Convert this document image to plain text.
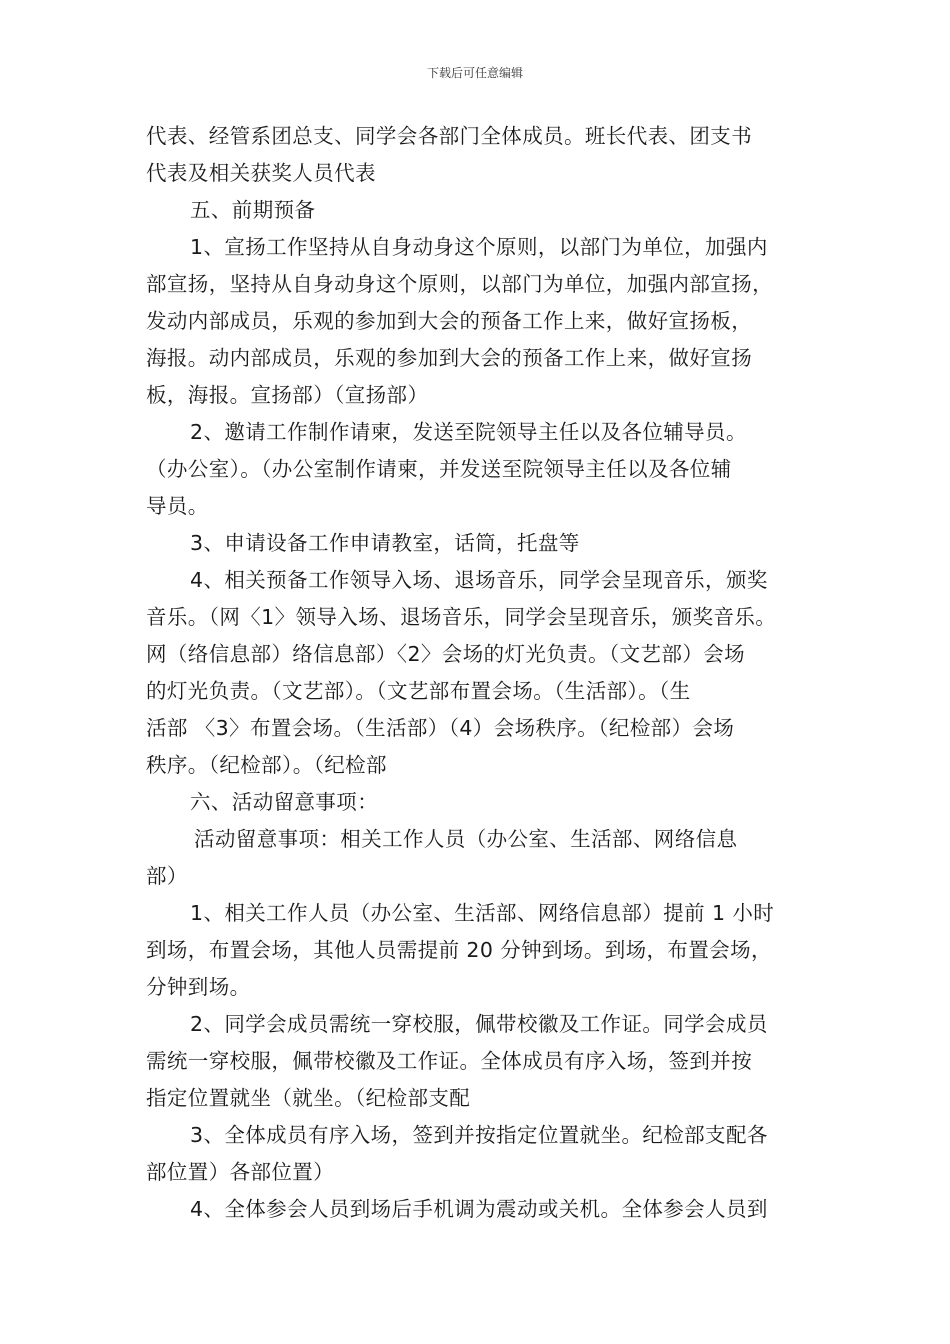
下载后可任意编辑
代表、经管系团总支、同学会各部门全体成员。班长代表、团支书
代表及相关获奖人员代表
五、前期预备
1、宣扬工作坚持从自身动身这个原则，以部门为单位，加强内
部宣扬，坚持从自身动身这个原则，以部门为单位，加强内部宣扬，
发动内部成员，乐观的参加到大会的预备工作上来，做好宣扬板，
海报。动内部成员，乐观的参加到大会的预备工作上来，做好宣扬
板，海报。宣扬部）（宣扬部）
2、邀请工作制作请柬，发送至院领导主任以及各位辅导员。
（办公室）。（办公室制作请柬，并发送至院领导主任以及各位辅
导员。
3、申请设备工作申请教室，话筒，托盘等
4、相关预备工作领导入场、退场音乐，同学会呈现音乐，颁奖
音乐。（网〈1〉领导入场、退场音乐，同学会呈现音乐，颁奖音乐。
网（络信息部）络信息部）〈2〉会场的灯光负责。（文艺部）会场
的灯光负责。（文艺部）。（文艺部布置会场。（生活部）。（生
活部 〈3〉布置会场。（生活部）（4）会场秩序。（纪检部）会场
秩序。（纪检部）。（纪检部
六、活动留意事项：
活动留意事项：相关工作人员（办公室、生活部、网络信息
部）
1、相关工作人员（办公室、生活部、网络信息部）提前 1 小时
到场，布置会场，其他人员需提前 20 分钟到场。到场，布置会场，
分钟到场。
2、同学会成员需统一穿校服，佩带校徽及工作证。同学会成员
需统一穿校服，佩带校徽及工作证。全体成员有序入场，签到并按
指定位置就坐（就坐。（纪检部支配
3、全体成员有序入场，签到并按指定位置就坐。纪检部支配各
部位置）各部位置）
4、全体参会人员到场后手机调为震动或关机。全体参会人员到
